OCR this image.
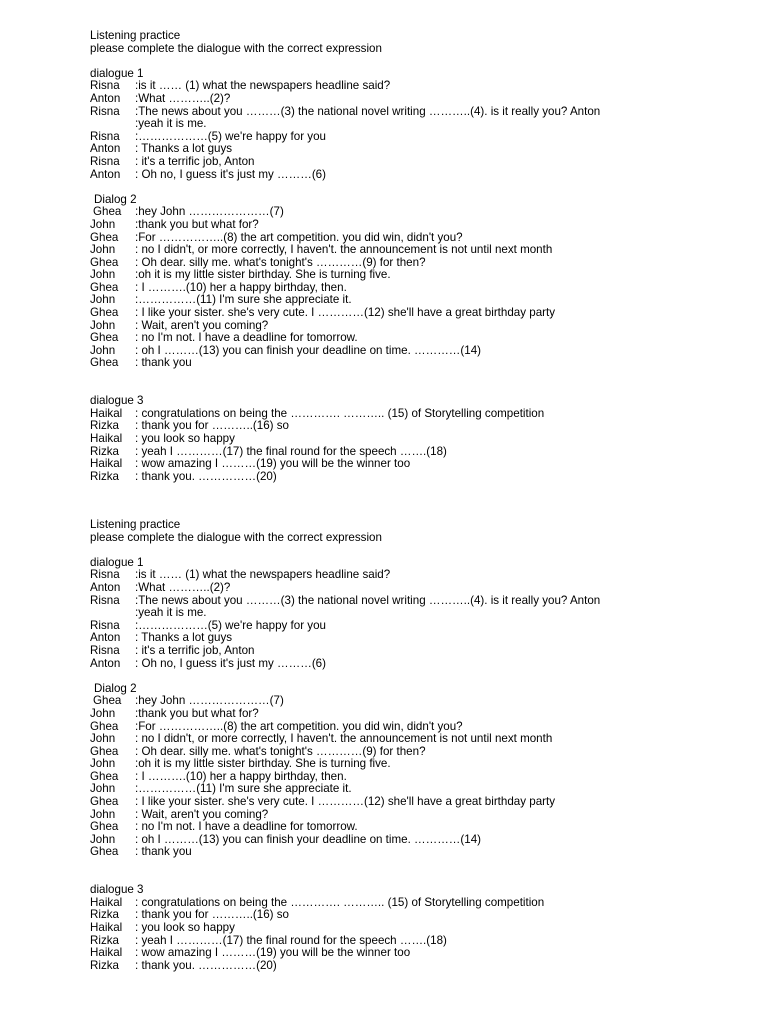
Listening practice
please complete the dialogue with the correct expression
dialogue 1
Risna	:is it …… (1) what the newspapers headline said?
Anton	:What ………..(2)?
Risna	:The news about you ………(3) the national novel writing ………..(4). is it really you? Anton
:yeah it is me.
Risna	:………………(5) we're happy for you
Anton	: Thanks a lot guys
Risna	: it's a terrific job, Anton
Anton	: Oh no, I guess it's just my ………(6)
Dialog 2
Ghea	:hey John …………………(7)
John	:thank you but what for?
Ghea	:For ……………..(8) the art competition. you did win, didn't you?
John	: no I didn't, or more correctly, I haven't. the announcement is not until next month
Ghea	: Oh dear. silly me. what's tonight's …………(9) for then?
John	:oh it is my little sister birthday. She is turning five.
Ghea	: I ……….(10) her a happy birthday, then.
John	:……………(11) I'm sure she appreciate it.
Ghea	: I like your sister. she's very cute. I …………(12) she'll have a great birthday party
John	: Wait, aren't you coming?
Ghea	: no I'm not. I have a deadline for tomorrow.
John	: oh I ………(13) you can finish your deadline on time. …………(14)
Ghea	: thank you
dialogue 3
Haikal	: congratulations on being the …………. ……….. (15) of Storytelling competition
Rizka	: thank you for ………..(16) so
Haikal	: you look so happy
Rizka	: yeah I …………(17) the final round for the speech …….(18)
Haikal	: wow amazing I ………(19) you will be the winner too
Rizka	: thank you. ……………(20)
Listening practice
please complete the dialogue with the correct expression
dialogue 1
Risna	:is it …… (1) what the newspapers headline said?
Anton	:What ………..(2)?
Risna	:The news about you ………(3) the national novel writing ………..(4). is it really you? Anton
:yeah it is me.
Risna	:………………(5) we're happy for you
Anton	: Thanks a lot guys
Risna	: it's a terrific job, Anton
Anton	: Oh no, I guess it's just my ………(6)
Dialog 2
Ghea	:hey John …………………(7)
John	:thank you but what for?
Ghea	:For ……………..(8) the art competition. you did win, didn't you?
John	: no I didn't, or more correctly, I haven't. the announcement is not until next month
Ghea	: Oh dear. silly me. what's tonight's …………(9) for then?
John	:oh it is my little sister birthday. She is turning five.
Ghea	: I ……….(10) her a happy birthday, then.
John	:……………(11) I'm sure she appreciate it.
Ghea	: I like your sister. she's very cute. I …………(12) she'll have a great birthday party
John	: Wait, aren't you coming?
Ghea	: no I'm not. I have a deadline for tomorrow.
John	: oh I ………(13) you can finish your deadline on time. …………(14)
Ghea	: thank you
dialogue 3
Haikal	: congratulations on being the …………. ……….. (15) of Storytelling competition
Rizka	: thank you for ………..(16) so
Haikal	: you look so happy
Rizka	: yeah I …………(17) the final round for the speech …….(18)
Haikal	: wow amazing I ………(19) you will be the winner too
Rizka	: thank you. ……………(20)
